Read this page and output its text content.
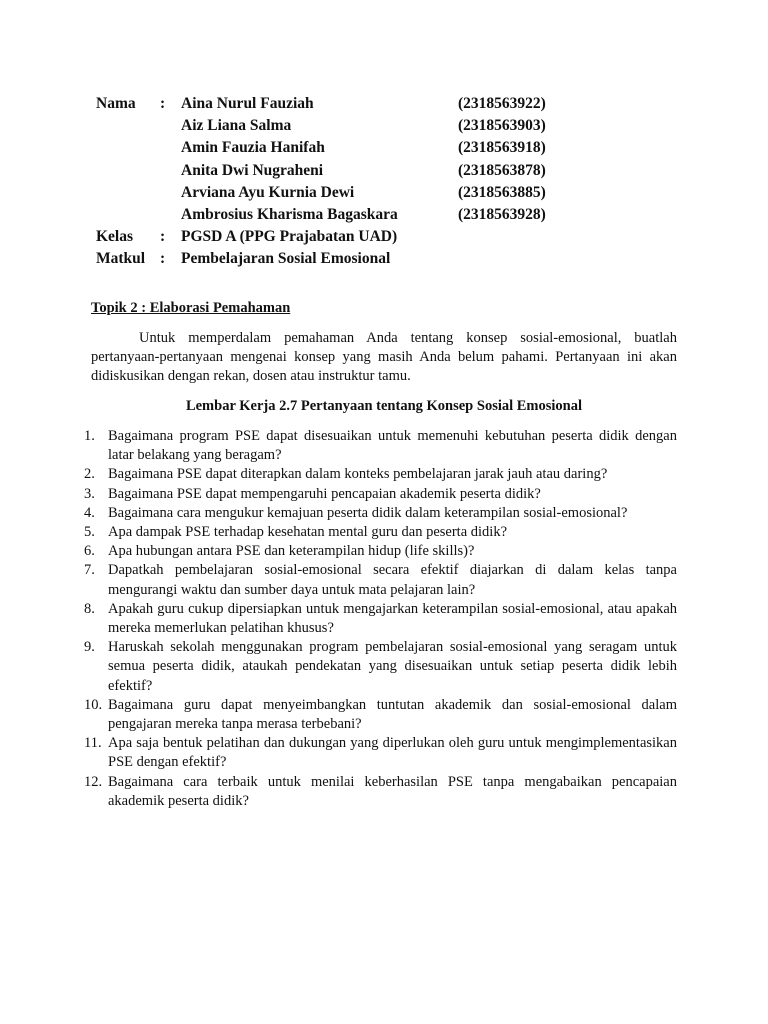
Nama : Aina Nurul Fauziah	(2318563922)
Aiz Liana Salma	(2318563903)
Amin Fauzia Hanifah	(2318563918)
Anita Dwi Nugraheni	(2318563878)
Arviana Ayu Kurnia Dewi	(2318563885)
Ambrosius Kharisma Bagaskara	(2318563928)
Kelas : PGSD A (PPG Prajabatan UAD)
Matkul : Pembelajaran Sosial Emosional
Topik 2 : Elaborasi Pemahaman

Untuk memperdalam pemahaman Anda tentang konsep sosial-emosional, buatlah pertanyaan-pertanyaan mengenai konsep yang masih Anda belum pahami. Pertanyaan ini akan didiskusikan dengan rekan, dosen atau instruktur tamu.

Lembar Kerja 2.7 Pertanyaan tentang Konsep Sosial Emosional
1. Bagaimana program PSE dapat disesuaikan untuk memenuhi kebutuhan peserta didik dengan latar belakang yang beragam?
2. Bagaimana PSE dapat diterapkan dalam konteks pembelajaran jarak jauh atau daring?
3. Bagaimana PSE dapat mempengaruhi pencapaian akademik peserta didik?
4. Bagaimana cara mengukur kemajuan peserta didik dalam keterampilan sosial-emosional?
5. Apa dampak PSE terhadap kesehatan mental guru dan peserta didik?
6. Apa hubungan antara PSE dan keterampilan hidup (life skills)?
7. Dapatkah pembelajaran sosial-emosional secara efektif diajarkan di dalam kelas tanpa mengurangi waktu dan sumber daya untuk mata pelajaran lain?
8. Apakah guru cukup dipersiapkan untuk mengajarkan keterampilan sosial-emosional, atau apakah mereka memerlukan pelatihan khusus?
9. Haruskah sekolah menggunakan program pembelajaran sosial-emosional yang seragam untuk semua peserta didik, ataukah pendekatan yang disesuaikan untuk setiap peserta didik lebih efektif?
10. Bagaimana guru dapat menyeimbangkan tuntutan akademik dan sosial-emosional dalam pengajaran mereka tanpa merasa terbebani?
11. Apa saja bentuk pelatihan dan dukungan yang diperlukan oleh guru untuk mengimplementasikan PSE dengan efektif?
12. Bagaimana cara terbaik untuk menilai keberhasilan PSE tanpa mengabaikan pencapaian akademik peserta didik?
